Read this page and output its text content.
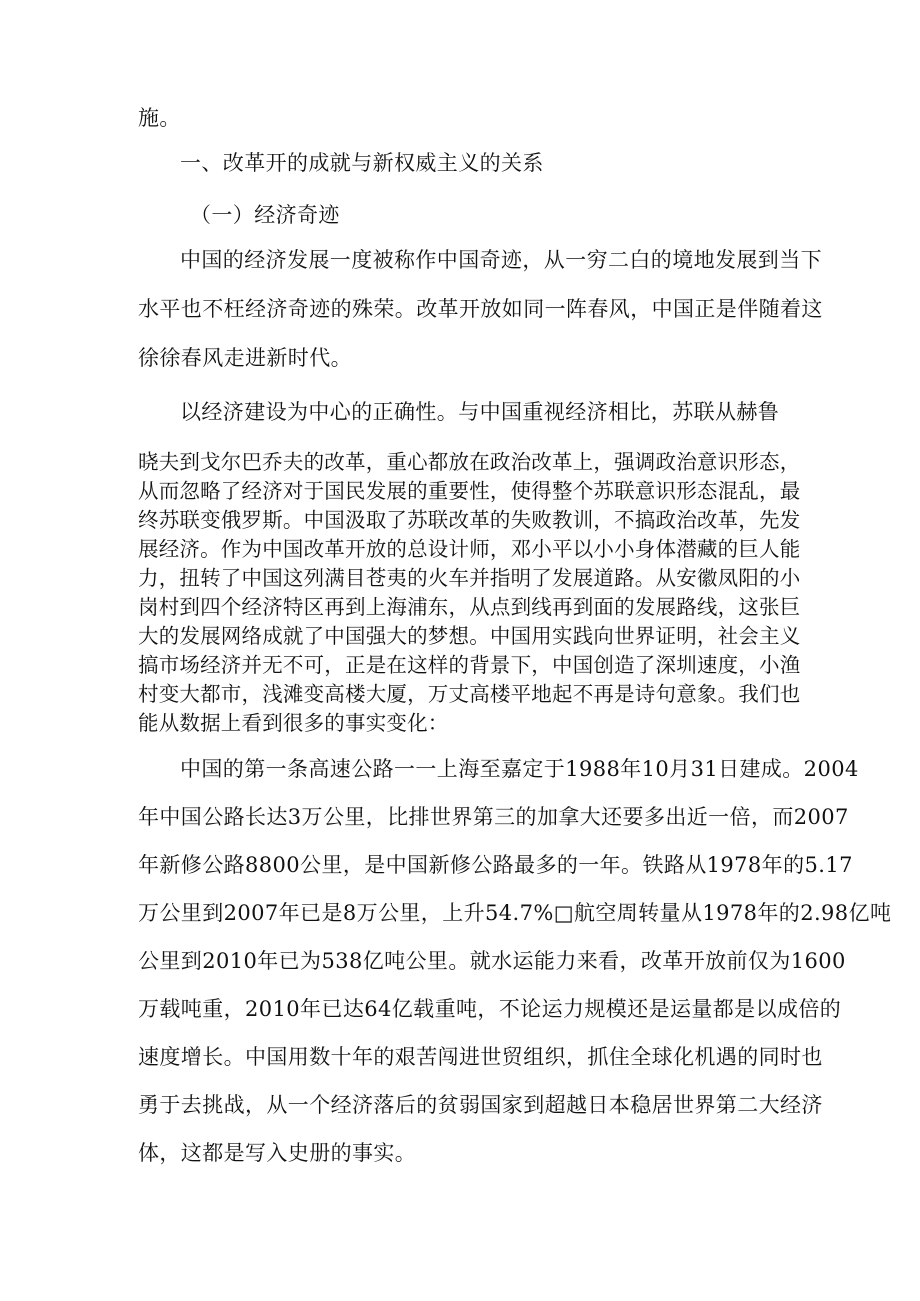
施。
一、改革开的成就与新权威主义的关系
（一）经济奇迹
中国的经济发展一度被称作中国奇迹，从一穷二白的境地发展到当下
水平也不枉经济奇迹的殊荣。改革开放如同一阵春风，中国正是伴随着这
徐徐春风走进新时代。
以经济建设为中心的正确性。与中国重视经济相比，苏联从赫鲁
晓夫到戈尔巴乔夫的改革，重心都放在政治改革上，强调政治意识形态，
从而忽略了经济对于国民发展的重要性，使得整个苏联意识形态混乱，最
终苏联变俄罗斯。中国汲取了苏联改革的失败教训，不搞政治改革，先发
展经济。作为中国改革开放的总设计师，邓小平以小小身体潜藏的巨人能
力，扭转了中国这列满目苍夷的火车并指明了发展道路。从安徽凤阳的小
岗村到四个经济特区再到上海浦东，从点到线再到面的发展路线，这张巨
大的发展网络成就了中国强大的梦想。中国用实践向世界证明，社会主义
搞市场经济并无不可，正是在这样的背景下，中国创造了深圳速度，小渔
村变大都市，浅滩变高楼大厦，万丈高楼平地起不再是诗句意象。我们也
能从数据上看到很多的事实变化：
中国的第一条高速公路一一上海至嘉定于1988年10月31日建成。2004
年中国公路长达3万公里，比排世界第三的加拿大还要多出近一倍，而2007
年新修公路8800公里，是中国新修公路最多的一年。铁路从1978年的5.17
万公里到2007年已是8万公里，上升54.7%□航空周转量从1978年的2.98亿吨
公里到2010年已为538亿吨公里。就水运能力来看，改革开放前仅为1600
万载吨重，2010年已达64亿载重吨，不论运力规模还是运量都是以成倍的
速度增长。中国用数十年的艰苦闯进世贸组织，抓住全球化机遇的同时也
勇于去挑战，从一个经济落后的贫弱国家到超越日本稳居世界第二大经济
体，这都是写入史册的事实。
